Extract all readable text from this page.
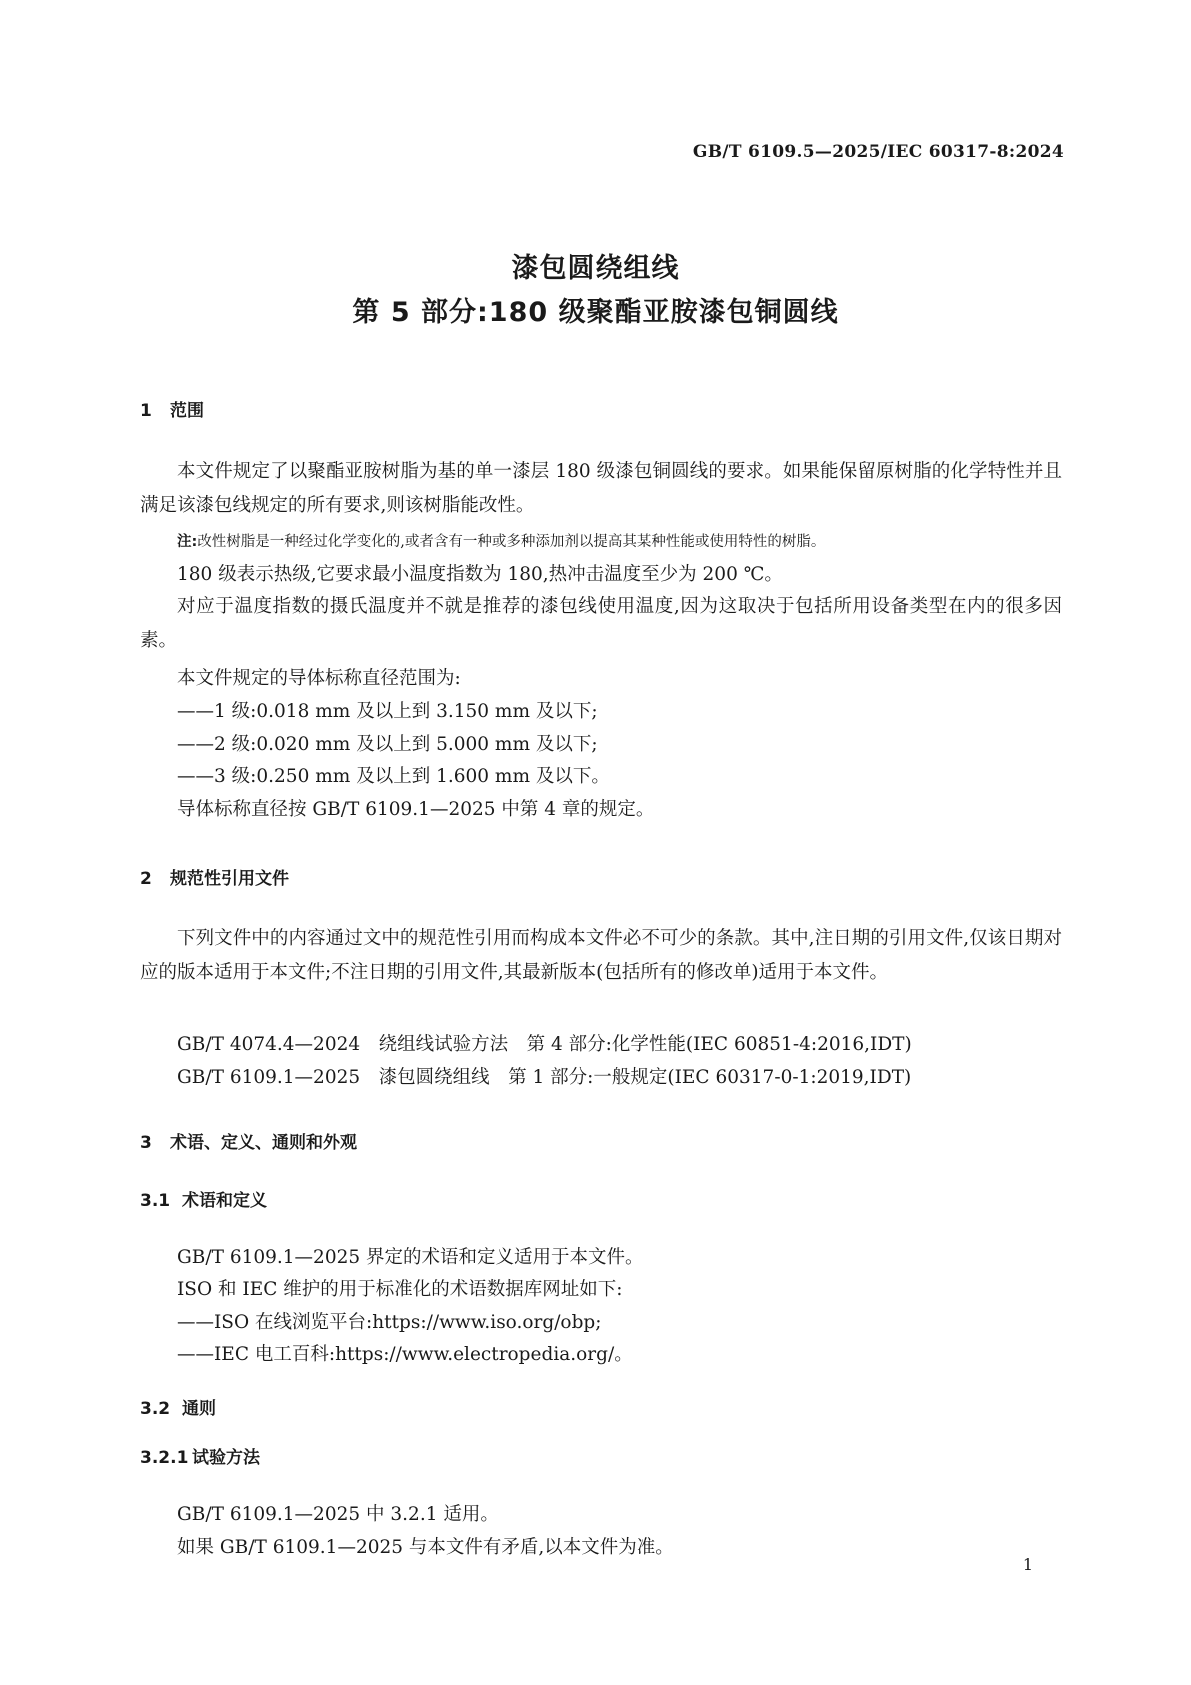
GB/T 6109.5—2025/IEC 60317-8:2024
漆包圆绕组线
第 5 部分:180 级聚酯亚胺漆包铜圆线
1 范围
本文件规定了以聚酯亚胺树脂为基的单一漆层 180 级漆包铜圆线的要求。如果能保留原树脂的化学特性并且满足该漆包线规定的所有要求,则该树脂能改性。
注:改性树脂是一种经过化学变化的,或者含有一种或多种添加剂以提高其某种性能或使用特性的树脂。
180 级表示热级,它要求最小温度指数为 180,热冲击温度至少为 200 ℃。
对应于温度指数的摄氏温度并不就是推荐的漆包线使用温度,因为这取决于包括所用设备类型在内的很多因素。
本文件规定的导体标称直径范围为:
——1 级:0.018 mm 及以上到 3.150 mm 及以下;
——2 级:0.020 mm 及以上到 5.000 mm 及以下;
——3 级:0.250 mm 及以上到 1.600 mm 及以下。
导体标称直径按 GB/T 6109.1—2025 中第 4 章的规定。
2 规范性引用文件
下列文件中的内容通过文中的规范性引用而构成本文件必不可少的条款。其中,注日期的引用文件,仅该日期对应的版本适用于本文件;不注日期的引用文件,其最新版本(包括所有的修改单)适用于本文件。
GB/T 4074.4—2024　绕组线试验方法　第 4 部分:化学性能(IEC 60851-4:2016,IDT)
GB/T 6109.1—2025　漆包圆绕组线　第 1 部分:一般规定(IEC 60317-0-1:2019,IDT)
3 术语、定义、通则和外观
3.1 术语和定义
GB/T 6109.1—2025 界定的术语和定义适用于本文件。
ISO 和 IEC 维护的用于标准化的术语数据库网址如下:
——ISO 在线浏览平台:https://www.iso.org/obp;
——IEC 电工百科:https://www.electropedia.org/。
3.2 通则
3.2.1 试验方法
GB/T 6109.1—2025 中 3.2.1 适用。
如果 GB/T 6109.1—2025 与本文件有矛盾,以本文件为准。
1
